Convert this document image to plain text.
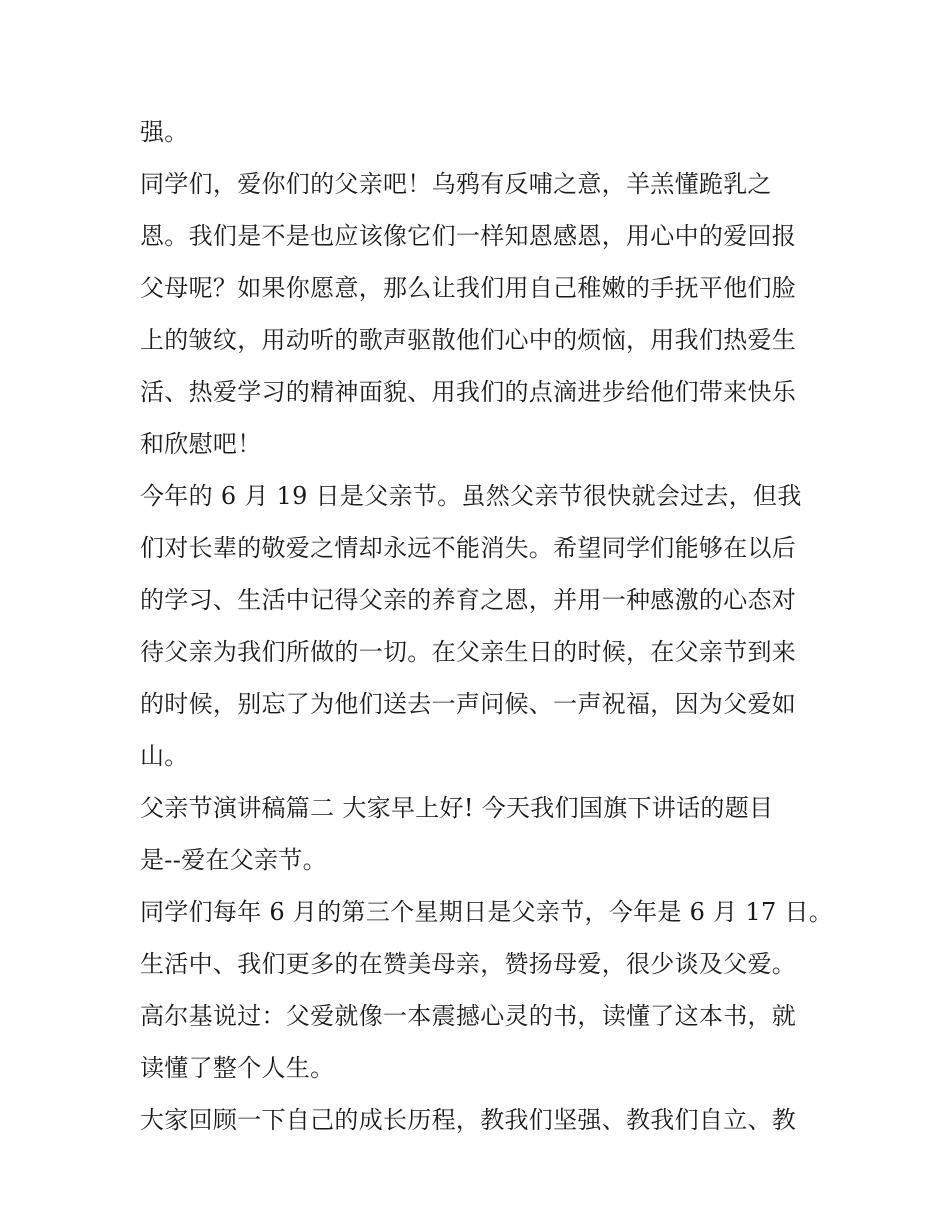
强。
同学们，爱你们的父亲吧！乌鸦有反哺之意，羊羔懂跪乳之
恩。我们是不是也应该像它们一样知恩感恩，用心中的爱回报
父母呢？如果你愿意，那么让我们用自己稚嫩的手抚平他们脸
上的皱纹，用动听的歌声驱散他们心中的烦恼，用我们热爱生
活、热爱学习的精神面貌、用我们的点滴进步给他们带来快乐
和欣慰吧！
今年的 6 月 19 日是父亲节。虽然父亲节很快就会过去，但我
们对长辈的敬爱之情却永远不能消失。希望同学们能够在以后
的学习、生活中记得父亲的养育之恩，并用一种感激的心态对
待父亲为我们所做的一切。在父亲生日的时候，在父亲节到来
的时候，别忘了为他们送去一声问候、一声祝福，因为父爱如
山。
父亲节演讲稿篇二 大家早上好! 今天我们国旗下讲话的题目
是--爱在父亲节。
同学们每年 6 月的第三个星期日是父亲节，今年是 6 月 17 日。
生活中、我们更多的在赞美母亲，赞扬母爱，很少谈及父爱。
高尔基说过：父爱就像一本震撼心灵的书，读懂了这本书，就
读懂了整个人生。
大家回顾一下自己的成长历程，教我们坚强、教我们自立、教
